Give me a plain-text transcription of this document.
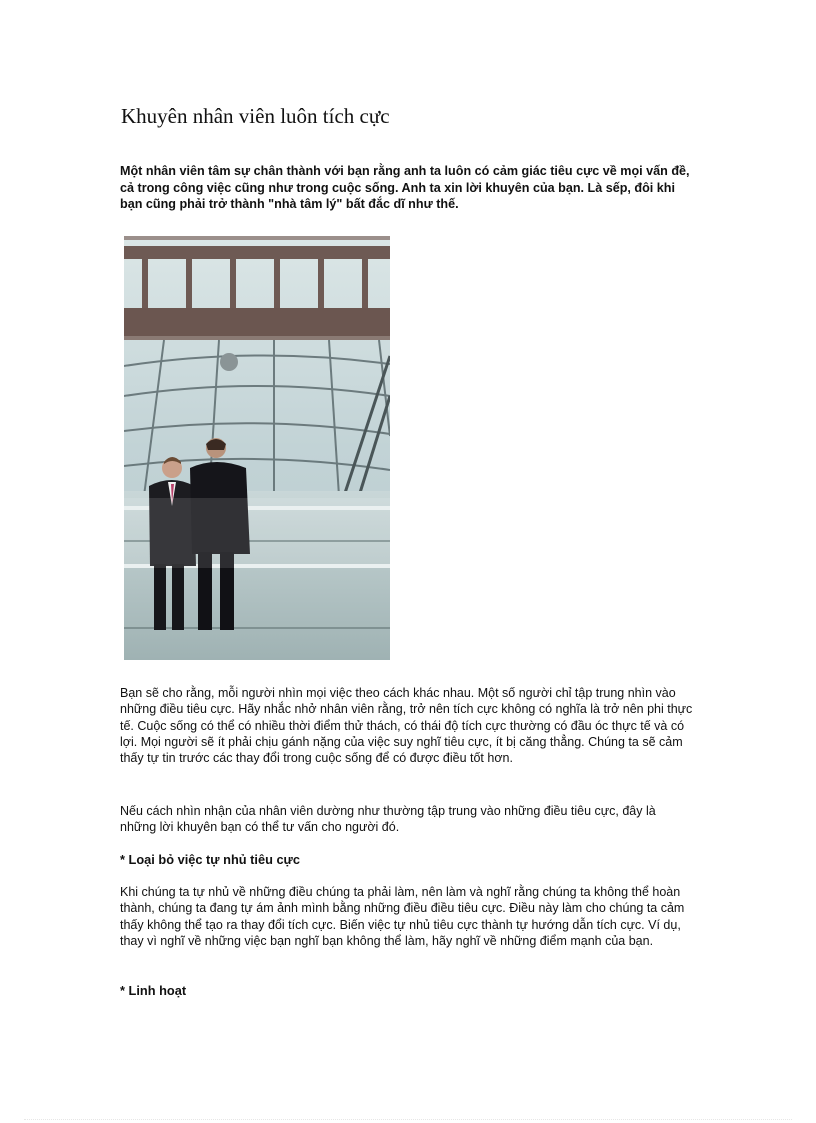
Khuyên nhân viên luôn tích cực
Một nhân viên tâm sự chân thành với bạn rằng anh ta luôn có cảm giác tiêu cực về mọi vấn đề, cả trong công việc cũng như trong cuộc sống. Anh ta xin lời khuyên của bạn. Là sếp, đôi khi bạn cũng phải trở thành "nhà tâm lý" bất đắc dĩ như thế.

Bạn sẽ cho rằng, mỗi người nhìn mọi việc theo cách khác nhau. Một số người chỉ tập trung nhìn vào những điều tiêu cực. Hãy nhắc nhở nhân viên rằng, trở nên tích cực không có nghĩa là trở nên phi thực tế. Cuộc sống có thể có nhiều thời điểm thử thách, có thái độ tích cực thường có đầu óc thực tế và có lợi. Mọi người sẽ ít phải chịu gánh nặng của việc suy nghĩ tiêu cực, ít bị căng thẳng. Chúng ta sẽ cảm thấy tự tin trước các thay đổi trong cuộc sống để có được điều tốt hơn.

Nếu cách nhìn nhận của nhân viên dường như thường tập trung vào những điều tiêu cực, đây là những lời khuyên bạn có thể tư vấn cho người đó.

* Loại bỏ việc tự nhủ tiêu cực

Khi chúng ta tự nhủ về những điều chúng ta phải làm, nên làm và nghĩ rằng chúng ta không thể hoàn thành, chúng ta đang tự ám ảnh mình bằng những điều điều tiêu cực. Điều này làm cho chúng ta cảm thấy không thể tạo ra thay đổi tích cực. Biến việc tự nhủ tiêu cực thành tự hướng dẫn tích cực. Ví dụ, thay vì nghĩ về những việc bạn nghĩ bạn không thể làm, hãy nghĩ về những điểm mạnh của bạn.

* Linh hoạt
